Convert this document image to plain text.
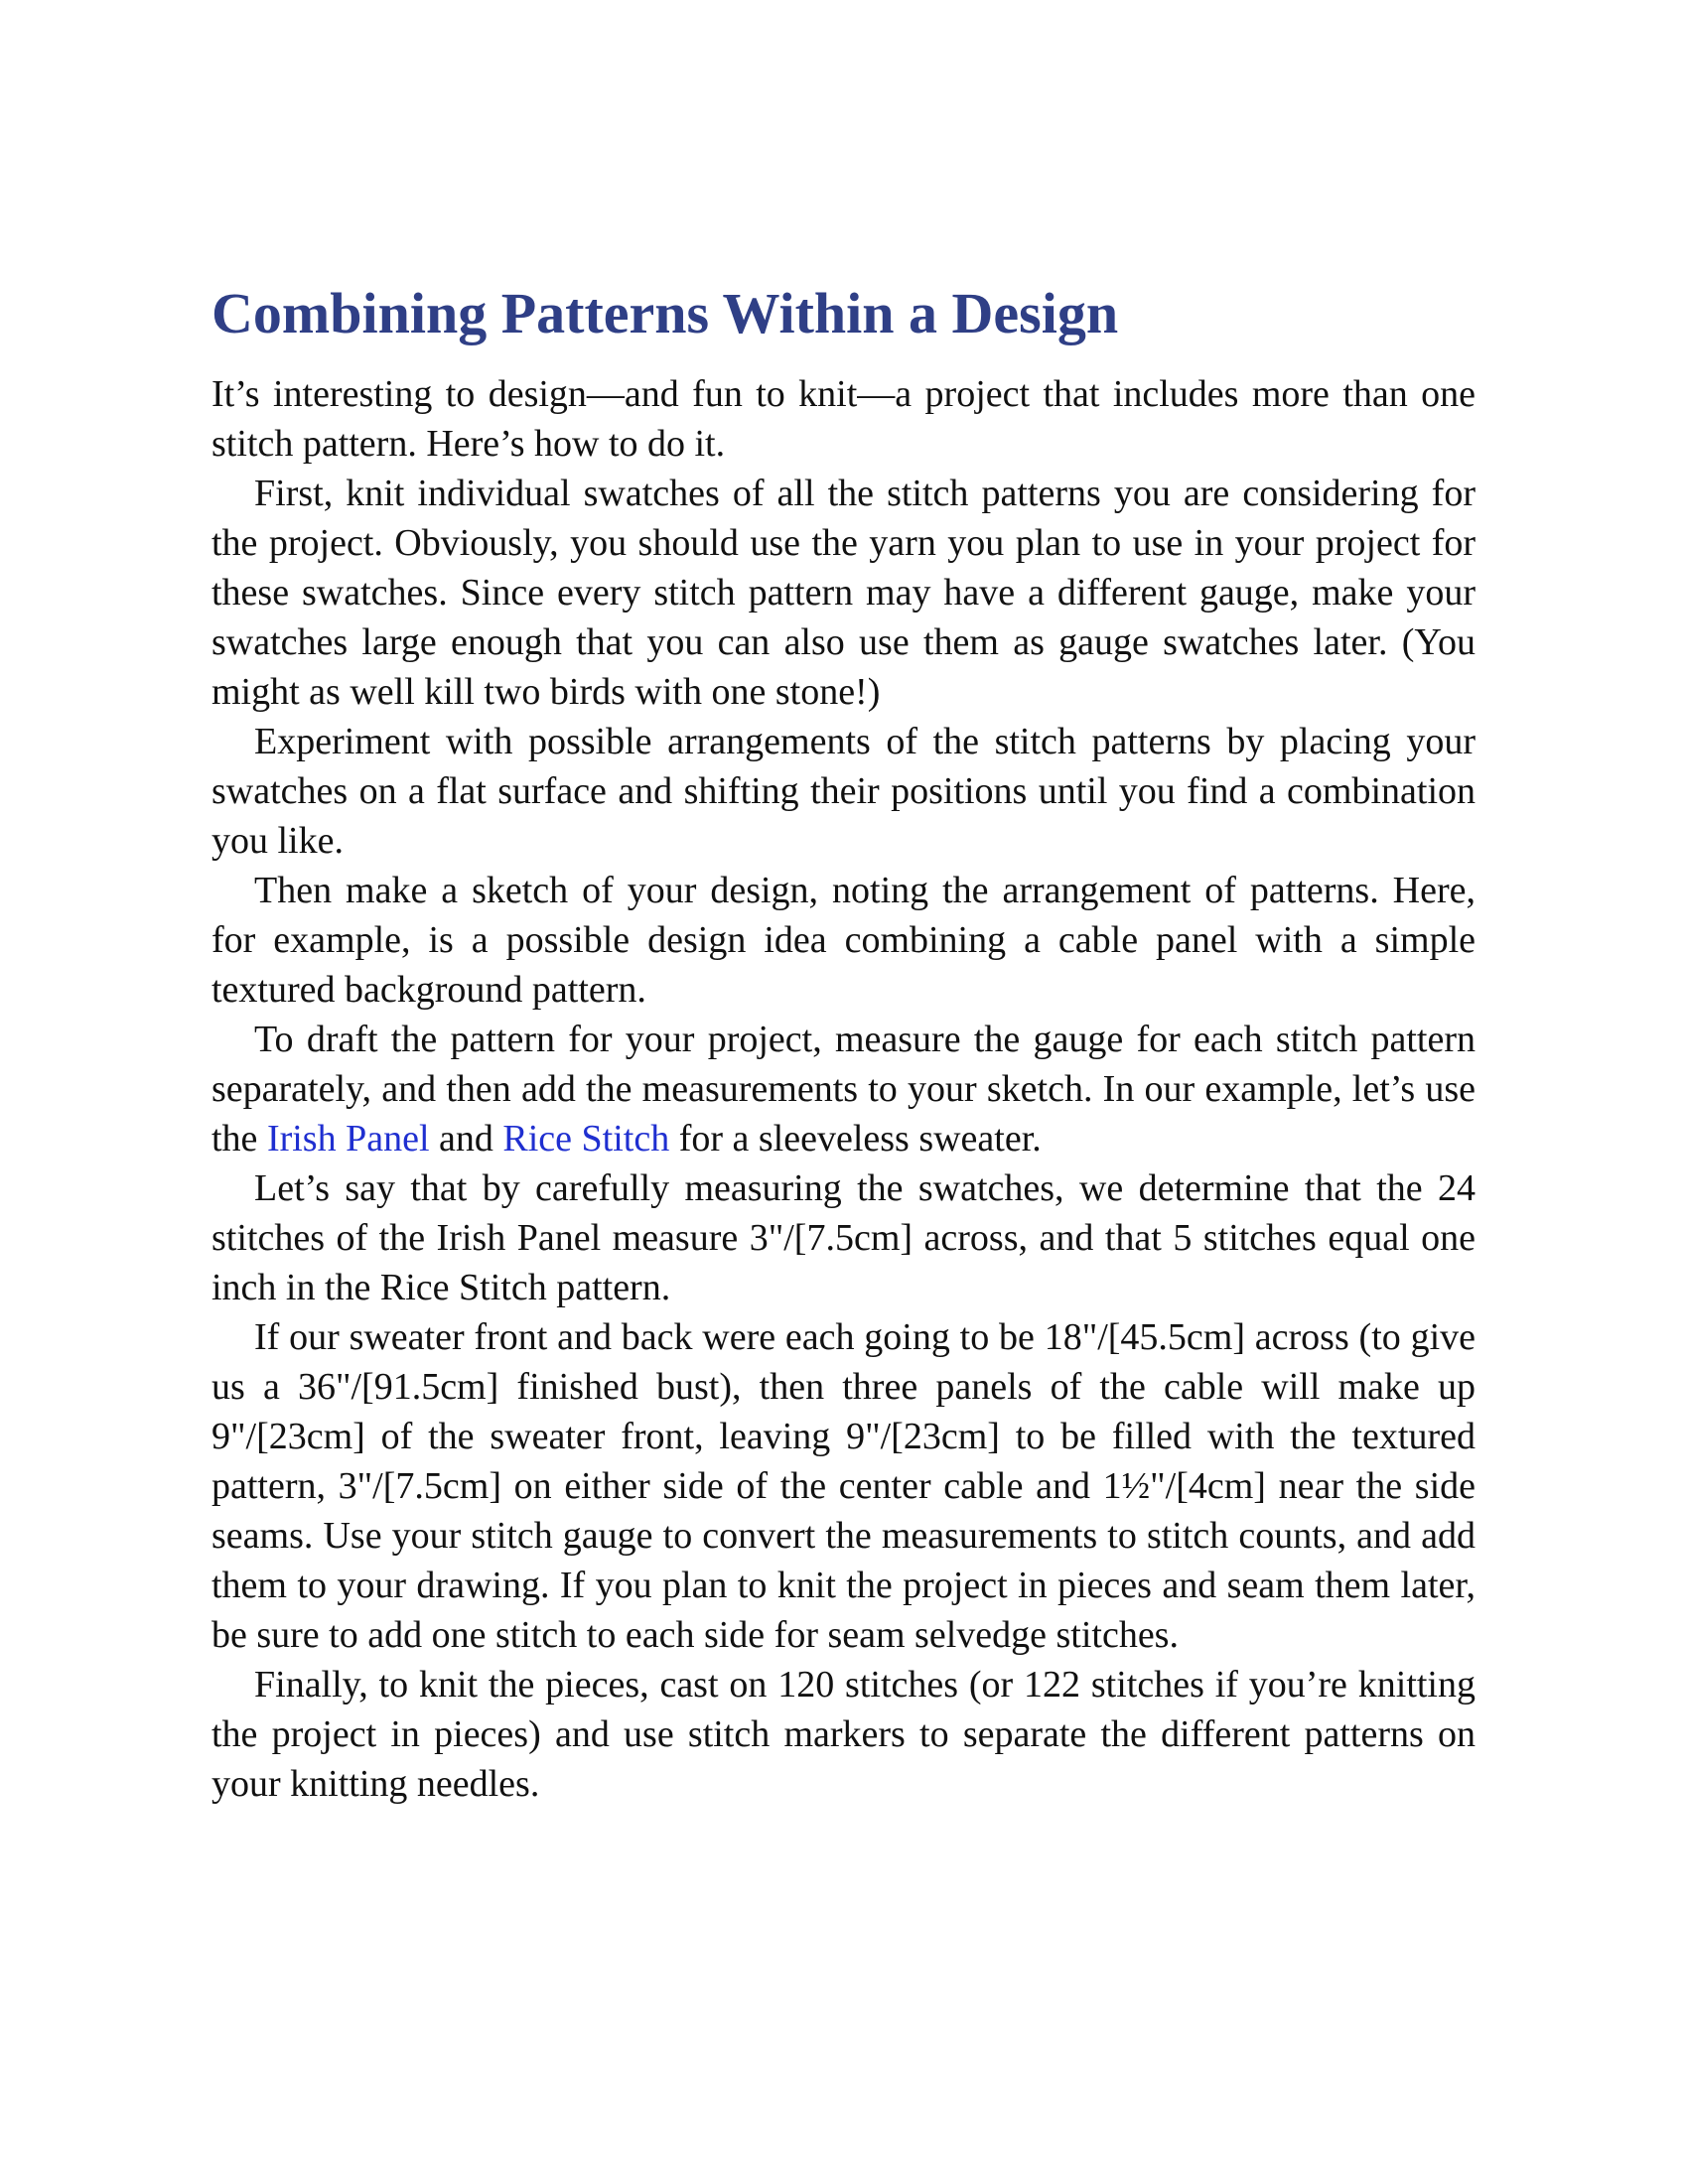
Combining Patterns Within a Design

It’s interesting to design—and fun to knit—a project that includes more than one stitch pattern. Here’s how to do it.

First, knit individual swatches of all the stitch patterns you are considering for the project. Obviously, you should use the yarn you plan to use in your project for these swatches. Since every stitch pattern may have a different gauge, make your swatches large enough that you can also use them as gauge swatches later. (You might as well kill two birds with one stone!)

Experiment with possible arrangements of the stitch patterns by placing your swatches on a flat surface and shifting their positions until you find a combination you like.

Then make a sketch of your design, noting the arrangement of patterns. Here, for example, is a possible design idea combining a cable panel with a simple textured background pattern.

To draft the pattern for your project, measure the gauge for each stitch pattern separately, and then add the measurements to your sketch. In our example, let’s use the Irish Panel and Rice Stitch for a sleeveless sweater.

Let’s say that by carefully measuring the swatches, we determine that the 24 stitches of the Irish Panel measure 3"/[7.5cm] across, and that 5 stitches equal one inch in the Rice Stitch pattern.

If our sweater front and back were each going to be 18"/[45.5cm] across (to give us a 36"/[91.5cm] finished bust), then three panels of the cable will make up 9"/[23cm] of the sweater front, leaving 9"/[23cm] to be filled with the textured pattern, 3"/[7.5cm] on either side of the center cable and 1½"/[4cm] near the side seams. Use your stitch gauge to convert the measurements to stitch counts, and add them to your drawing. If you plan to knit the project in pieces and seam them later, be sure to add one stitch to each side for seam selvedge stitches.

Finally, to knit the pieces, cast on 120 stitches (or 122 stitches if you’re knitting the project in pieces) and use stitch markers to separate the different patterns on your knitting needles.
